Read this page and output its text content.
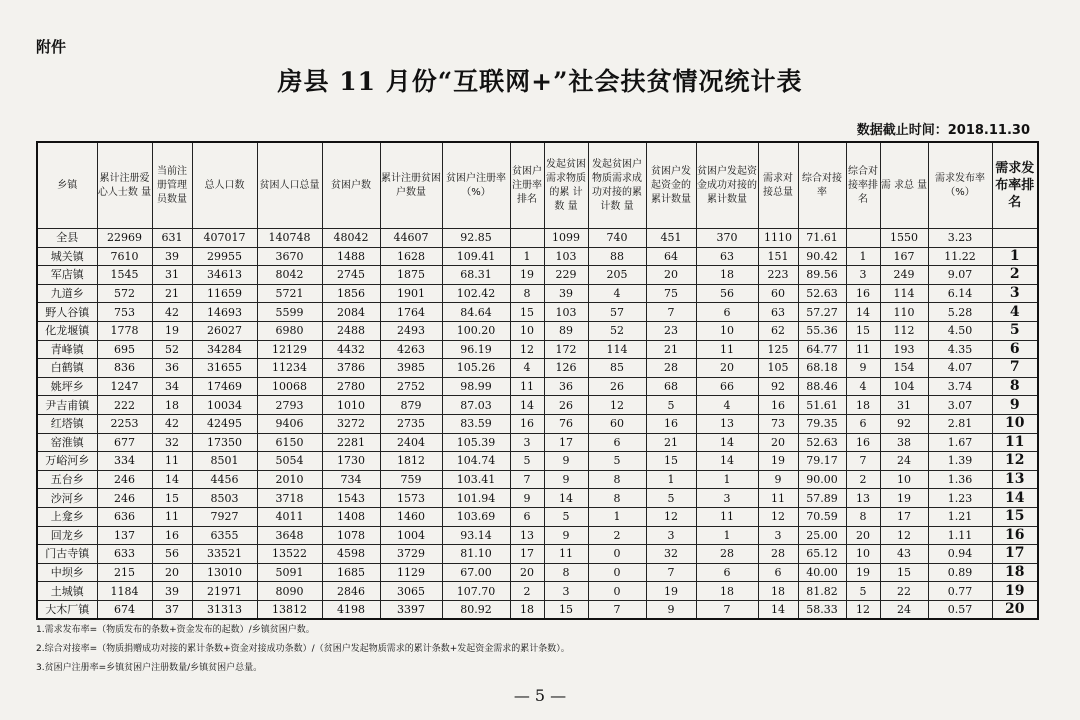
附件
房县 11 月份“互联网+”社会扶贫情况统计表
数据截止时间：2018.11.30
乡镇	累计注册爱心人士数 量	当前注册管理员数量	总人口数	贫困人口总量	贫困户数	累计注册贫困户数量	贫困户注册率（%）	贫困户注册率排名	发起贫困需求物质的累 计 数 量	发起贫困户物质需求成功对接的累计数 量	贫困户发起资金的累计数量	贫困户发起资金成功对接的累计数量	需求对接总量	综合对接 率	综合对接率排名	需 求总 量	需求发布率（%）	需求发布率排名
全县	22969	631	407017	140748	48042	44607	92.85		1099	740	451	370	1110	71.61		1550	3.23	
城关镇	7610	39	29955	3670	1488	1628	109.41	1	103	88	64	63	151	90.42	1	167	11.22	1
军店镇	1545	31	34613	8042	2745	1875	68.31	19	229	205	20	18	223	89.56	3	249	9.07	2
九道乡	572	21	11659	5721	1856	1901	102.42	8	39	4	75	56	60	52.63	16	114	6.14	3
野人谷镇	753	42	14693	5599	2084	1764	84.64	15	103	57	7	6	63	57.27	14	110	5.28	4
化龙堰镇	1778	19	26027	6980	2488	2493	100.20	10	89	52	23	10	62	55.36	15	112	4.50	5
青峰镇	695	52	34284	12129	4432	4263	96.19	12	172	114	21	11	125	64.77	11	193	4.35	6
白鹤镇	836	36	31655	11234	3786	3985	105.26	4	126	85	28	20	105	68.18	9	154	4.07	7
姚坪乡	1247	34	17469	10068	2780	2752	98.99	11	36	26	68	66	92	88.46	4	104	3.74	8
尹吉甫镇	222	18	10034	2793	1010	879	87.03	14	26	12	5	4	16	51.61	18	31	3.07	9
红塔镇	2253	42	42495	9406	3272	2735	83.59	16	76	60	16	13	73	79.35	6	92	2.81	10
窑淮镇	677	32	17350	6150	2281	2404	105.39	3	17	6	21	14	20	52.63	16	38	1.67	11
万峪河乡	334	11	8501	5054	1730	1812	104.74	5	9	5	15	14	19	79.17	7	24	1.39	12
五台乡	246	14	4456	2010	734	759	103.41	7	9	8	1	1	9	90.00	2	10	1.36	13
沙河乡	246	15	8503	3718	1543	1573	101.94	9	14	8	5	3	11	57.89	13	19	1.23	14
上龛乡	636	11	7927	4011	1408	1460	103.69	6	5	1	12	11	12	70.59	8	17	1.21	15
回龙乡	137	16	6355	3648	1078	1004	93.14	13	9	2	3	1	3	25.00	20	12	1.11	16
门古寺镇	633	56	33521	13522	4598	3729	81.10	17	11	0	32	28	28	65.12	10	43	0.94	17
中坝乡	215	20	13010	5091	1685	1129	67.00	20	8	0	7	6	6	40.00	19	15	0.89	18
土城镇	1184	39	21971	8090	2846	3065	107.70	2	3	0	19	18	18	81.82	5	22	0.77	19
大木厂镇	674	37	31313	13812	4198	3397	80.92	18	15	7	9	7	14	58.33	12	24	0.57	20
1.需求发布率=（物质发布的条数+资金发布的起数）/乡镇贫困户数。
2.综合对接率=（物质捐赠成功对接的累计条数+资金对接成功条数）/（贫困户发起物质需求的累计条数+发起资金需求的累计条数）。
3.贫困户注册率=乡镇贫困户注册数量/乡镇贫困户总量。
— 5 —
